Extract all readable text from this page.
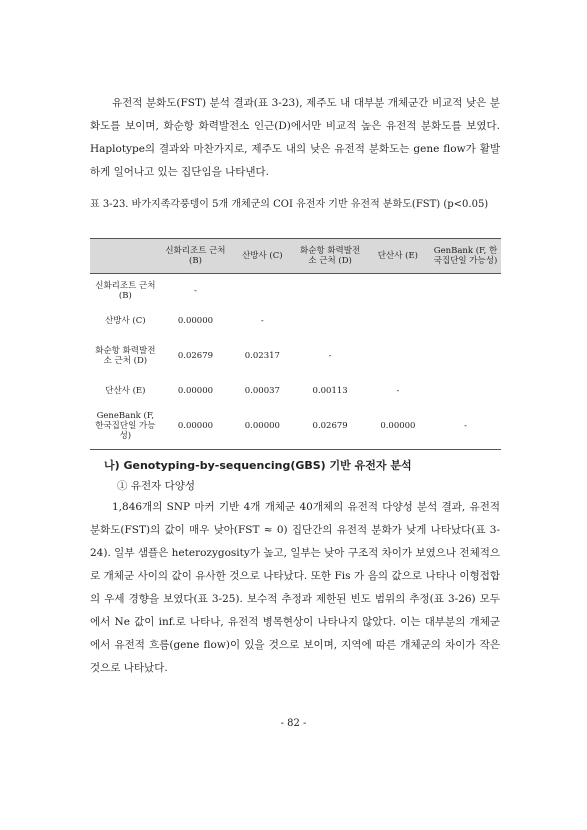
유전적 분화도(FST) 분석 결과(표 3-23), 제주도 내 대부분 개체군간 비교적 낮은 분화도를 보이며, 화순항 화력발전소 인근(D)에서만 비교적 높은 유전적 분화도를 보였다. Haplotype의 결과와 마찬가지로, 제주도 내의 낮은 유전적 분화도는 gene flow가 활발하게 일어나고 있는 집단임을 나타낸다.

표 3-23. 바가지족각풍뎅이 5개 개체군의 COI 유전자 기반 유전적 분화도(FST) (p<0.05)

	신화리조트 근처 (B)	산방사 (C)	화순항 화력발전소 근처 (D)	단산사 (E)	GenBank (F, 한국집단일 가능성)
신화리조트 근처 (B)	-				
산방사 (C)	0.00000	-			
화순항 화력발전소 근처 (D)	0.02679	0.02317	-		
단산사 (E)	0.00000	0.00037	0.00113	-	
GeneBank (F, 한국집단일 가능성)	0.00000	0.00000	0.02679	0.00000	-

나) Genotyping-by-sequencing(GBS) 기반 유전자 분석

① 유전자 다양성

1,846개의 SNP 마커 기반 4개 개체군 40개체의 유전적 다양성 분석 결과, 유전적 분화도(FST)의 값이 매우 낮아(FST ≈ 0) 집단간의 유전적 분화가 낮게 나타났다(표 3-24). 일부 샘플은 heterozygosity가 높고, 일부는 낮아 구조적 차이가 보였으나 전체적으로 개체군 사이의 값이 유사한 것으로 나타났다. 또한 Fis 가 음의 값으로 나타나 이형접합의 우세 경향을 보였다(표 3-25). 보수적 추정과 제한된 빈도 범위의 추정(표 3-26) 모두에서 Ne 값이 inf.로 나타나, 유전적 병목현상이 나타나지 않았다. 이는 대부분의 개체군에서 유전적 흐름(gene flow)이 있을 것으로 보이며, 지역에 따른 개체군의 차이가 작은 것으로 나타났다.

- 82 -
